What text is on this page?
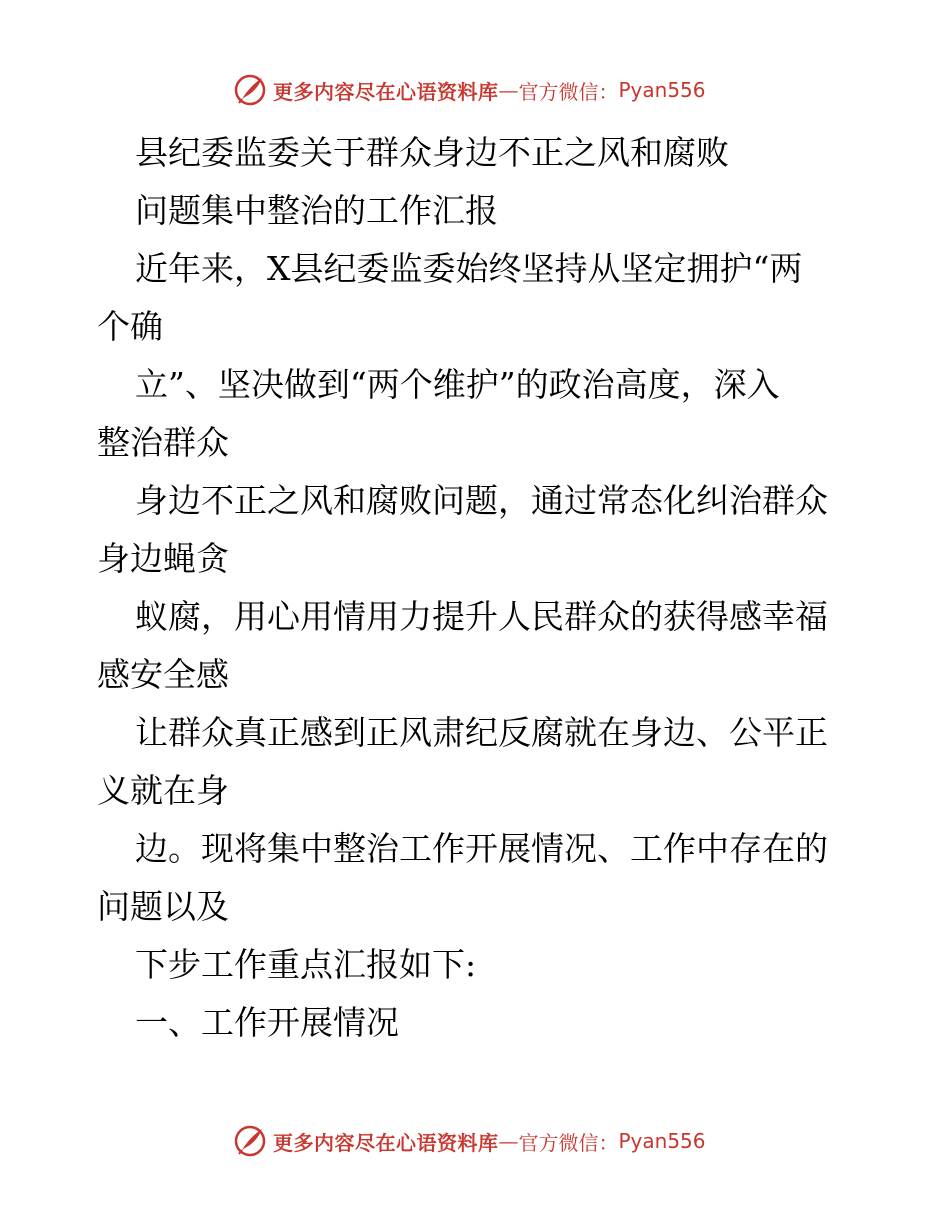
更多内容尽在心语资料库 — 官方微信： Pyan556
县纪委监委关于群众身边不正之风和腐败
问题集中整治的工作汇报
近年来，X县纪委监委始终坚持从坚定拥护“两
个确
立”、坚决做到“两个维护”的政治高度，深入
整治群众
身边不正之风和腐败问题，通过常态化纠治群众
身边蝇贪
蚁腐，用心用情用力提升人民群众的获得感幸福
感安全感
让群众真正感到正风肃纪反腐就在身边、公平正
义就在身
边。现将集中整治工作开展情况、工作中存在的
问题以及
下步工作重点汇报如下:
一、工作开展情况
更多内容尽在心语资料库 — 官方微信： Pyan556
